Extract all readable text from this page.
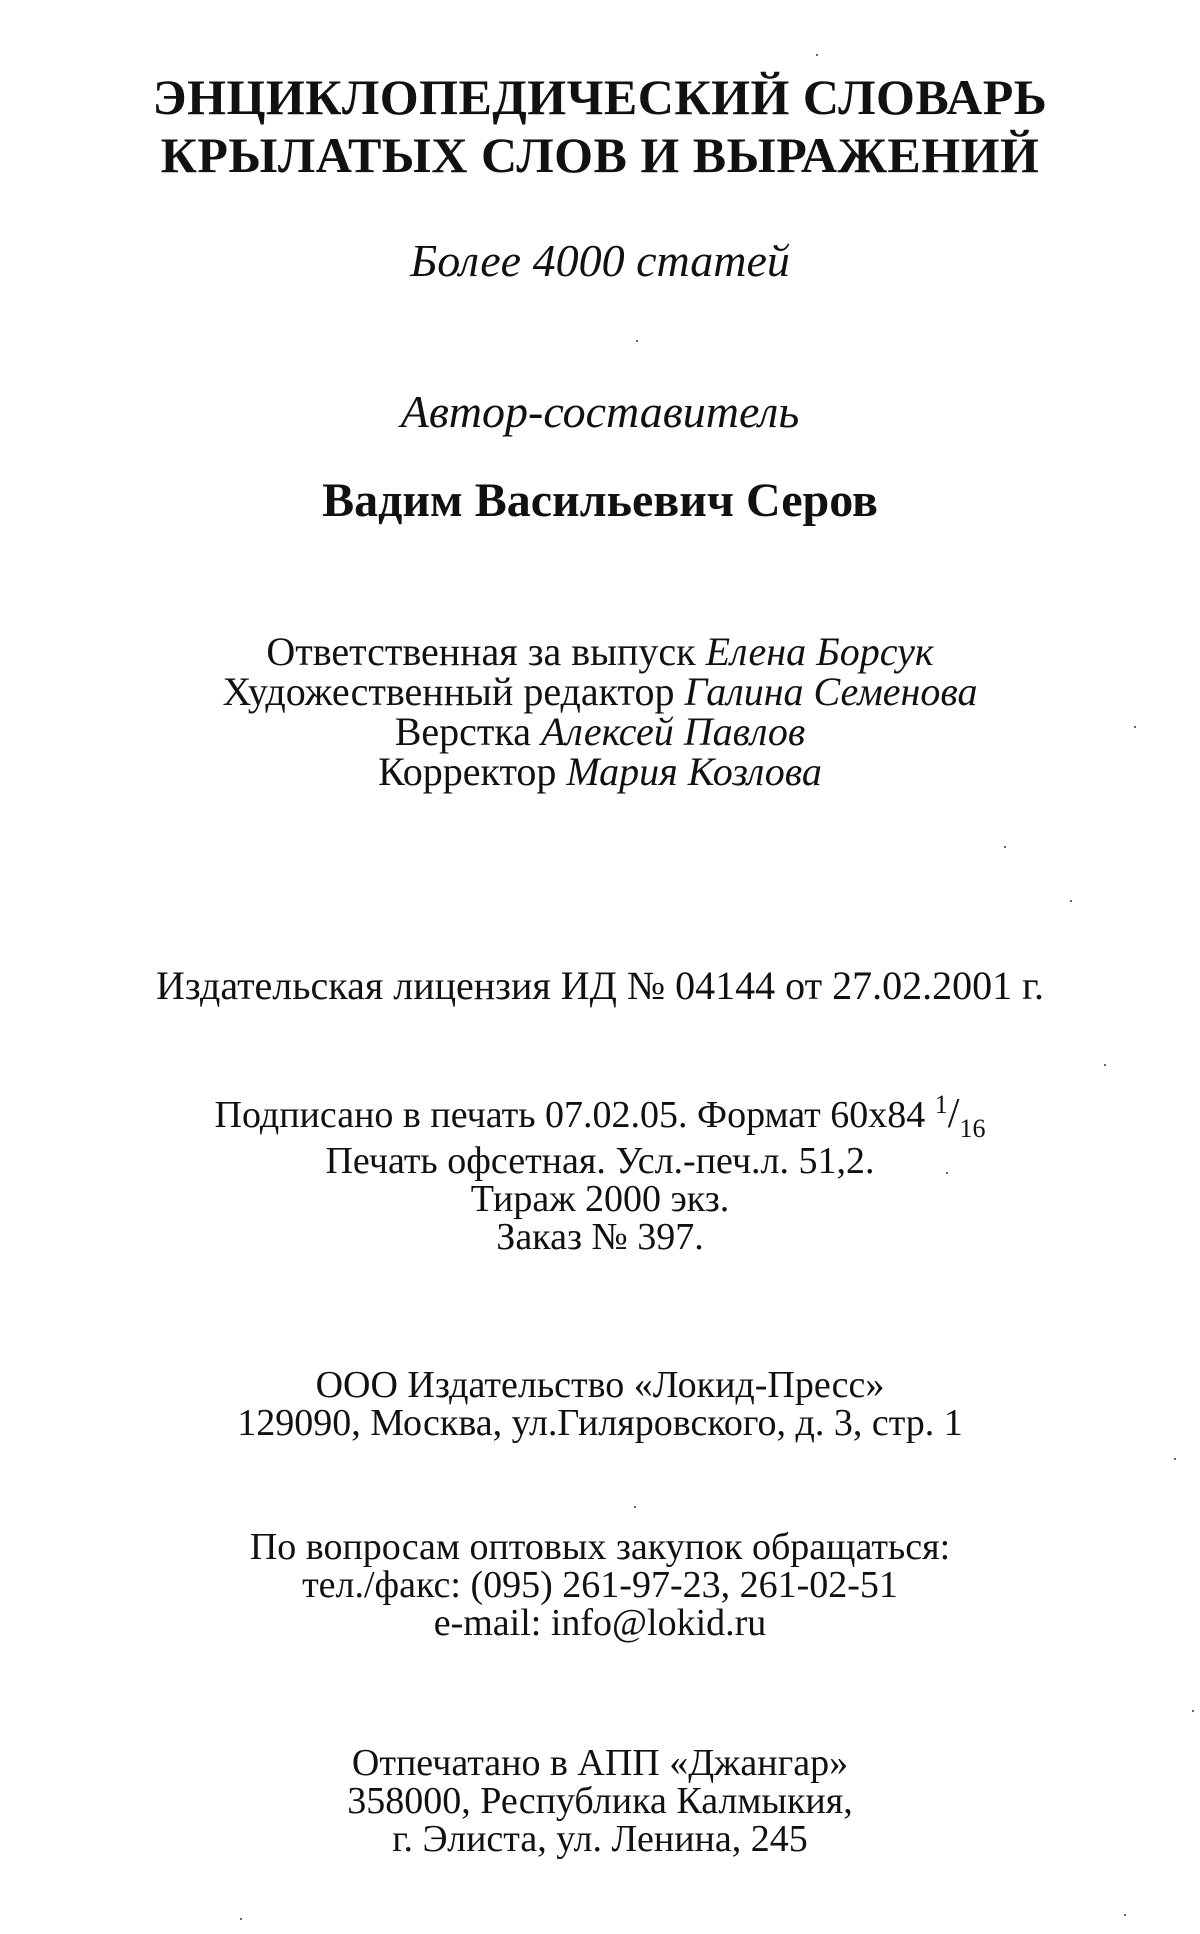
ЭНЦИКЛОПЕДИЧЕСКИЙ СЛОВАРЬ
КРЫЛАТЫХ СЛОВ И ВЫРАЖЕНИЙ
Более 4000 статей
Автор-составитель
Вадим Васильевич Серов
Ответственная за выпуск Елена Борсук
Художественный редактор Галина Семенова
Верстка Алексей Павлов
Корректор Мария Козлова
Издательская лицензия ИД № 04144 от 27.02.2001 г.
Подписано в печать 07.02.05. Формат 60x84 $^1/_{16}$
Печать офсетная. Усл.-печ.л. 51,2.
Тираж 2000 экз.
Заказ № 397.
ООО Издательство «Локид-Пресс»
129090, Москва, ул.Гиляровского, д. 3, стр. 1
По вопросам оптовых закупок обращаться:
тел./факс: (095) 261-97-23, 261-02-51
e-mail: info@lokid.ru
Отпечатано в АПП «Джангар»
358000, Республика Калмыкия,
г. Элиста, ул. Ленина, 245
